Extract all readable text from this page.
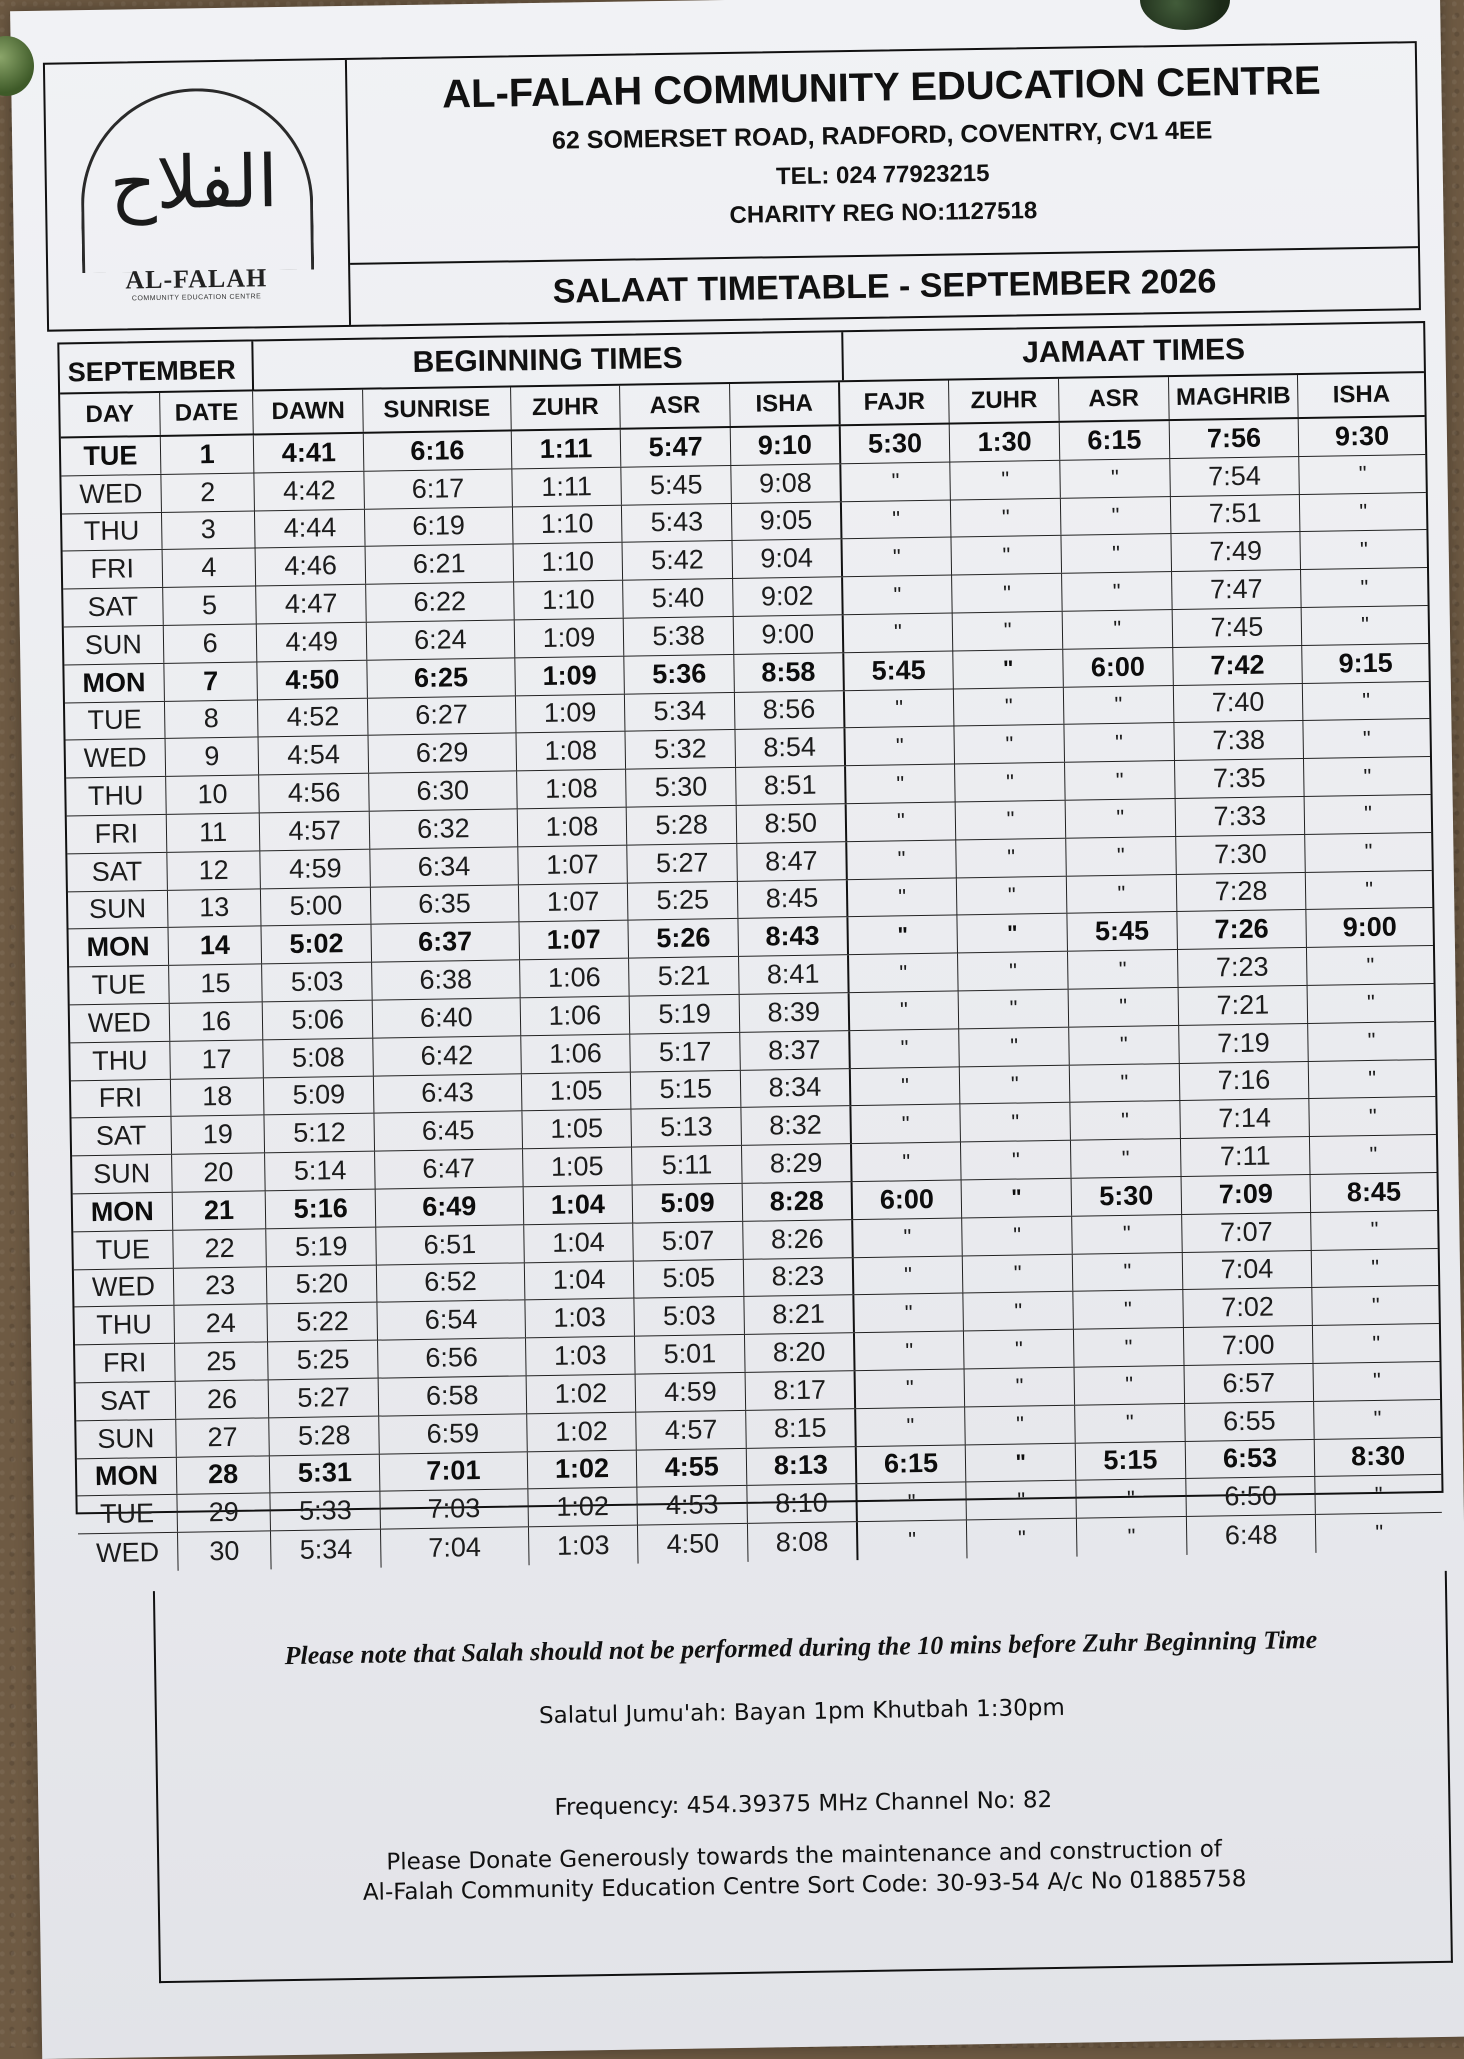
الفلاح
AL-FALAH
COMMUNITY EDUCATION CENTRE
AL-FALAH COMMUNITY EDUCATION CENTRE
62 SOMERSET ROAD, RADFORD, COVENTRY, CV1 4EE
TEL: 024 77923215
CHARITY REG NO:1127518
SALAAT TIMETABLE - SEPTEMBER 2026
SEPTEMBER	BEGINNING TIMES	JAMAAT TIMES
DAY	DATE	DAWN	SUNRISE	ZUHR	ASR	ISHA	FAJR	ZUHR	ASR	MAGHRIB	ISHA
TUE	1	4:41	6:16	1:11	5:47	9:10	5:30	1:30	6:15	7:56	9:30
WED	2	4:42	6:17	1:11	5:45	9:08	"	"	"	7:54	"
THU	3	4:44	6:19	1:10	5:43	9:05	"	"	"	7:51	"
FRI	4	4:46	6:21	1:10	5:42	9:04	"	"	"	7:49	"
SAT	5	4:47	6:22	1:10	5:40	9:02	"	"	"	7:47	"
SUN	6	4:49	6:24	1:09	5:38	9:00	"	"	"	7:45	"
MON	7	4:50	6:25	1:09	5:36	8:58	5:45	"	6:00	7:42	9:15
TUE	8	4:52	6:27	1:09	5:34	8:56	"	"	"	7:40	"
WED	9	4:54	6:29	1:08	5:32	8:54	"	"	"	7:38	"
THU	10	4:56	6:30	1:08	5:30	8:51	"	"	"	7:35	"
FRI	11	4:57	6:32	1:08	5:28	8:50	"	"	"	7:33	"
SAT	12	4:59	6:34	1:07	5:27	8:47	"	"	"	7:30	"
SUN	13	5:00	6:35	1:07	5:25	8:45	"	"	"	7:28	"
MON	14	5:02	6:37	1:07	5:26	8:43	"	"	5:45	7:26	9:00
TUE	15	5:03	6:38	1:06	5:21	8:41	"	"	"	7:23	"
WED	16	5:06	6:40	1:06	5:19	8:39	"	"	"	7:21	"
THU	17	5:08	6:42	1:06	5:17	8:37	"	"	"	7:19	"
FRI	18	5:09	6:43	1:05	5:15	8:34	"	"	"	7:16	"
SAT	19	5:12	6:45	1:05	5:13	8:32	"	"	"	7:14	"
SUN	20	5:14	6:47	1:05	5:11	8:29	"	"	"	7:11	"
MON	21	5:16	6:49	1:04	5:09	8:28	6:00	"	5:30	7:09	8:45
TUE	22	5:19	6:51	1:04	5:07	8:26	"	"	"	7:07	"
WED	23	5:20	6:52	1:04	5:05	8:23	"	"	"	7:04	"
THU	24	5:22	6:54	1:03	5:03	8:21	"	"	"	7:02	"
FRI	25	5:25	6:56	1:03	5:01	8:20	"	"	"	7:00	"
SAT	26	5:27	6:58	1:02	4:59	8:17	"	"	"	6:57	"
SUN	27	5:28	6:59	1:02	4:57	8:15	"	"	"	6:55	"
MON	28	5:31	7:01	1:02	4:55	8:13	6:15	"	5:15	6:53	8:30
TUE	29	5:33	7:03	1:02	4:53	8:10	"	"	"	6:50	"
WED	30	5:34	7:04	1:03	4:50	8:08	"	"	"	6:48	"
Please note that Salah should not be performed during the 10 mins before Zuhr Beginning Time
Salatul Jumu'ah: Bayan 1pm Khutbah 1:30pm
Frequency: 454.39375 MHz Channel No: 82
Please Donate Generously towards the maintenance and construction of
Al-Falah Community Education Centre Sort Code: 30-93-54 A/c No 01885758
